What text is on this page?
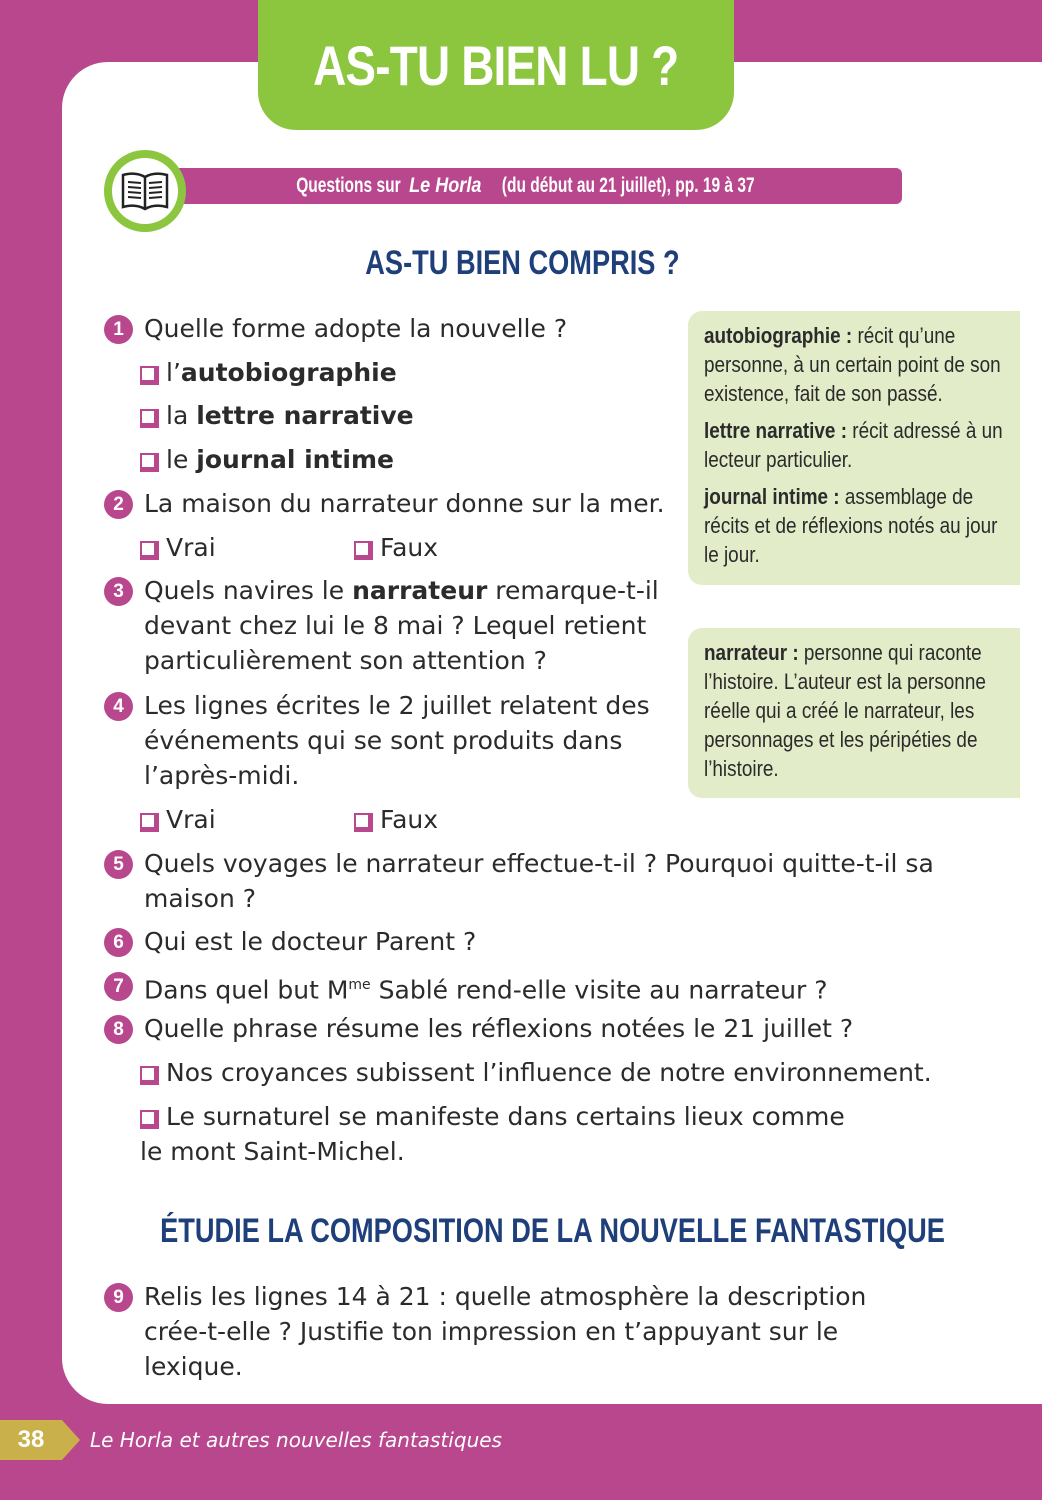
AS-TU BIEN LU ?
Questions surLe Horla(du début au 21 juillet), pp. 19 à 37
AS-TU BIEN COMPRIS ?
1 Quelle forme adopte la nouvelle ?
l’autobiographie
la lettre narrative
le journal intime
2 La maison du narrateur donne sur la mer.
Vrai	Faux
3 Quels navires le narrateur remarque-t-il devant chez lui le 8 mai ? Lequel retient particulièrement son attention ?
4 Les lignes écrites le 2 juillet relatent des événements qui se sont produits dans l’après-midi.
Vrai	Faux
5 Quels voyages le narrateur effectue-t-il ? Pourquoi quitte-t-il sa maison ?
6 Qui est le docteur Parent ?
7 Dans quel but $M^{me}$ Sablé rend-elle visite au narrateur ?
8 Quelle phrase résume les réflexions notées le 21 juillet ?
Nos croyances subissent l’influence de notre environnement.
Le surnaturel se manifeste dans certains lieux comme
le mont Saint-Michel.
ÉTUDIE LA COMPOSITION DE LA NOUVELLE FANTASTIQUE
9 Relis les lignes 14 à 21 : quelle atmosphère la description crée-t-elle ? Justifie ton impression en t’appuyant sur le lexique.

autobiographie : récit qu’une personne, à un certain point de son existence, fait de son passé.

lettre narrative : récit adressé à un lecteur particulier.

journal intime : assemblage de récits et de réflexions notés au jour le jour.

narrateur : personne qui raconte l’histoire. L’auteur est la personne réelle qui a créé le narrateur, les personnages et les péripéties de l’histoire.

38	Le Horla et autres nouvelles fantastiques
